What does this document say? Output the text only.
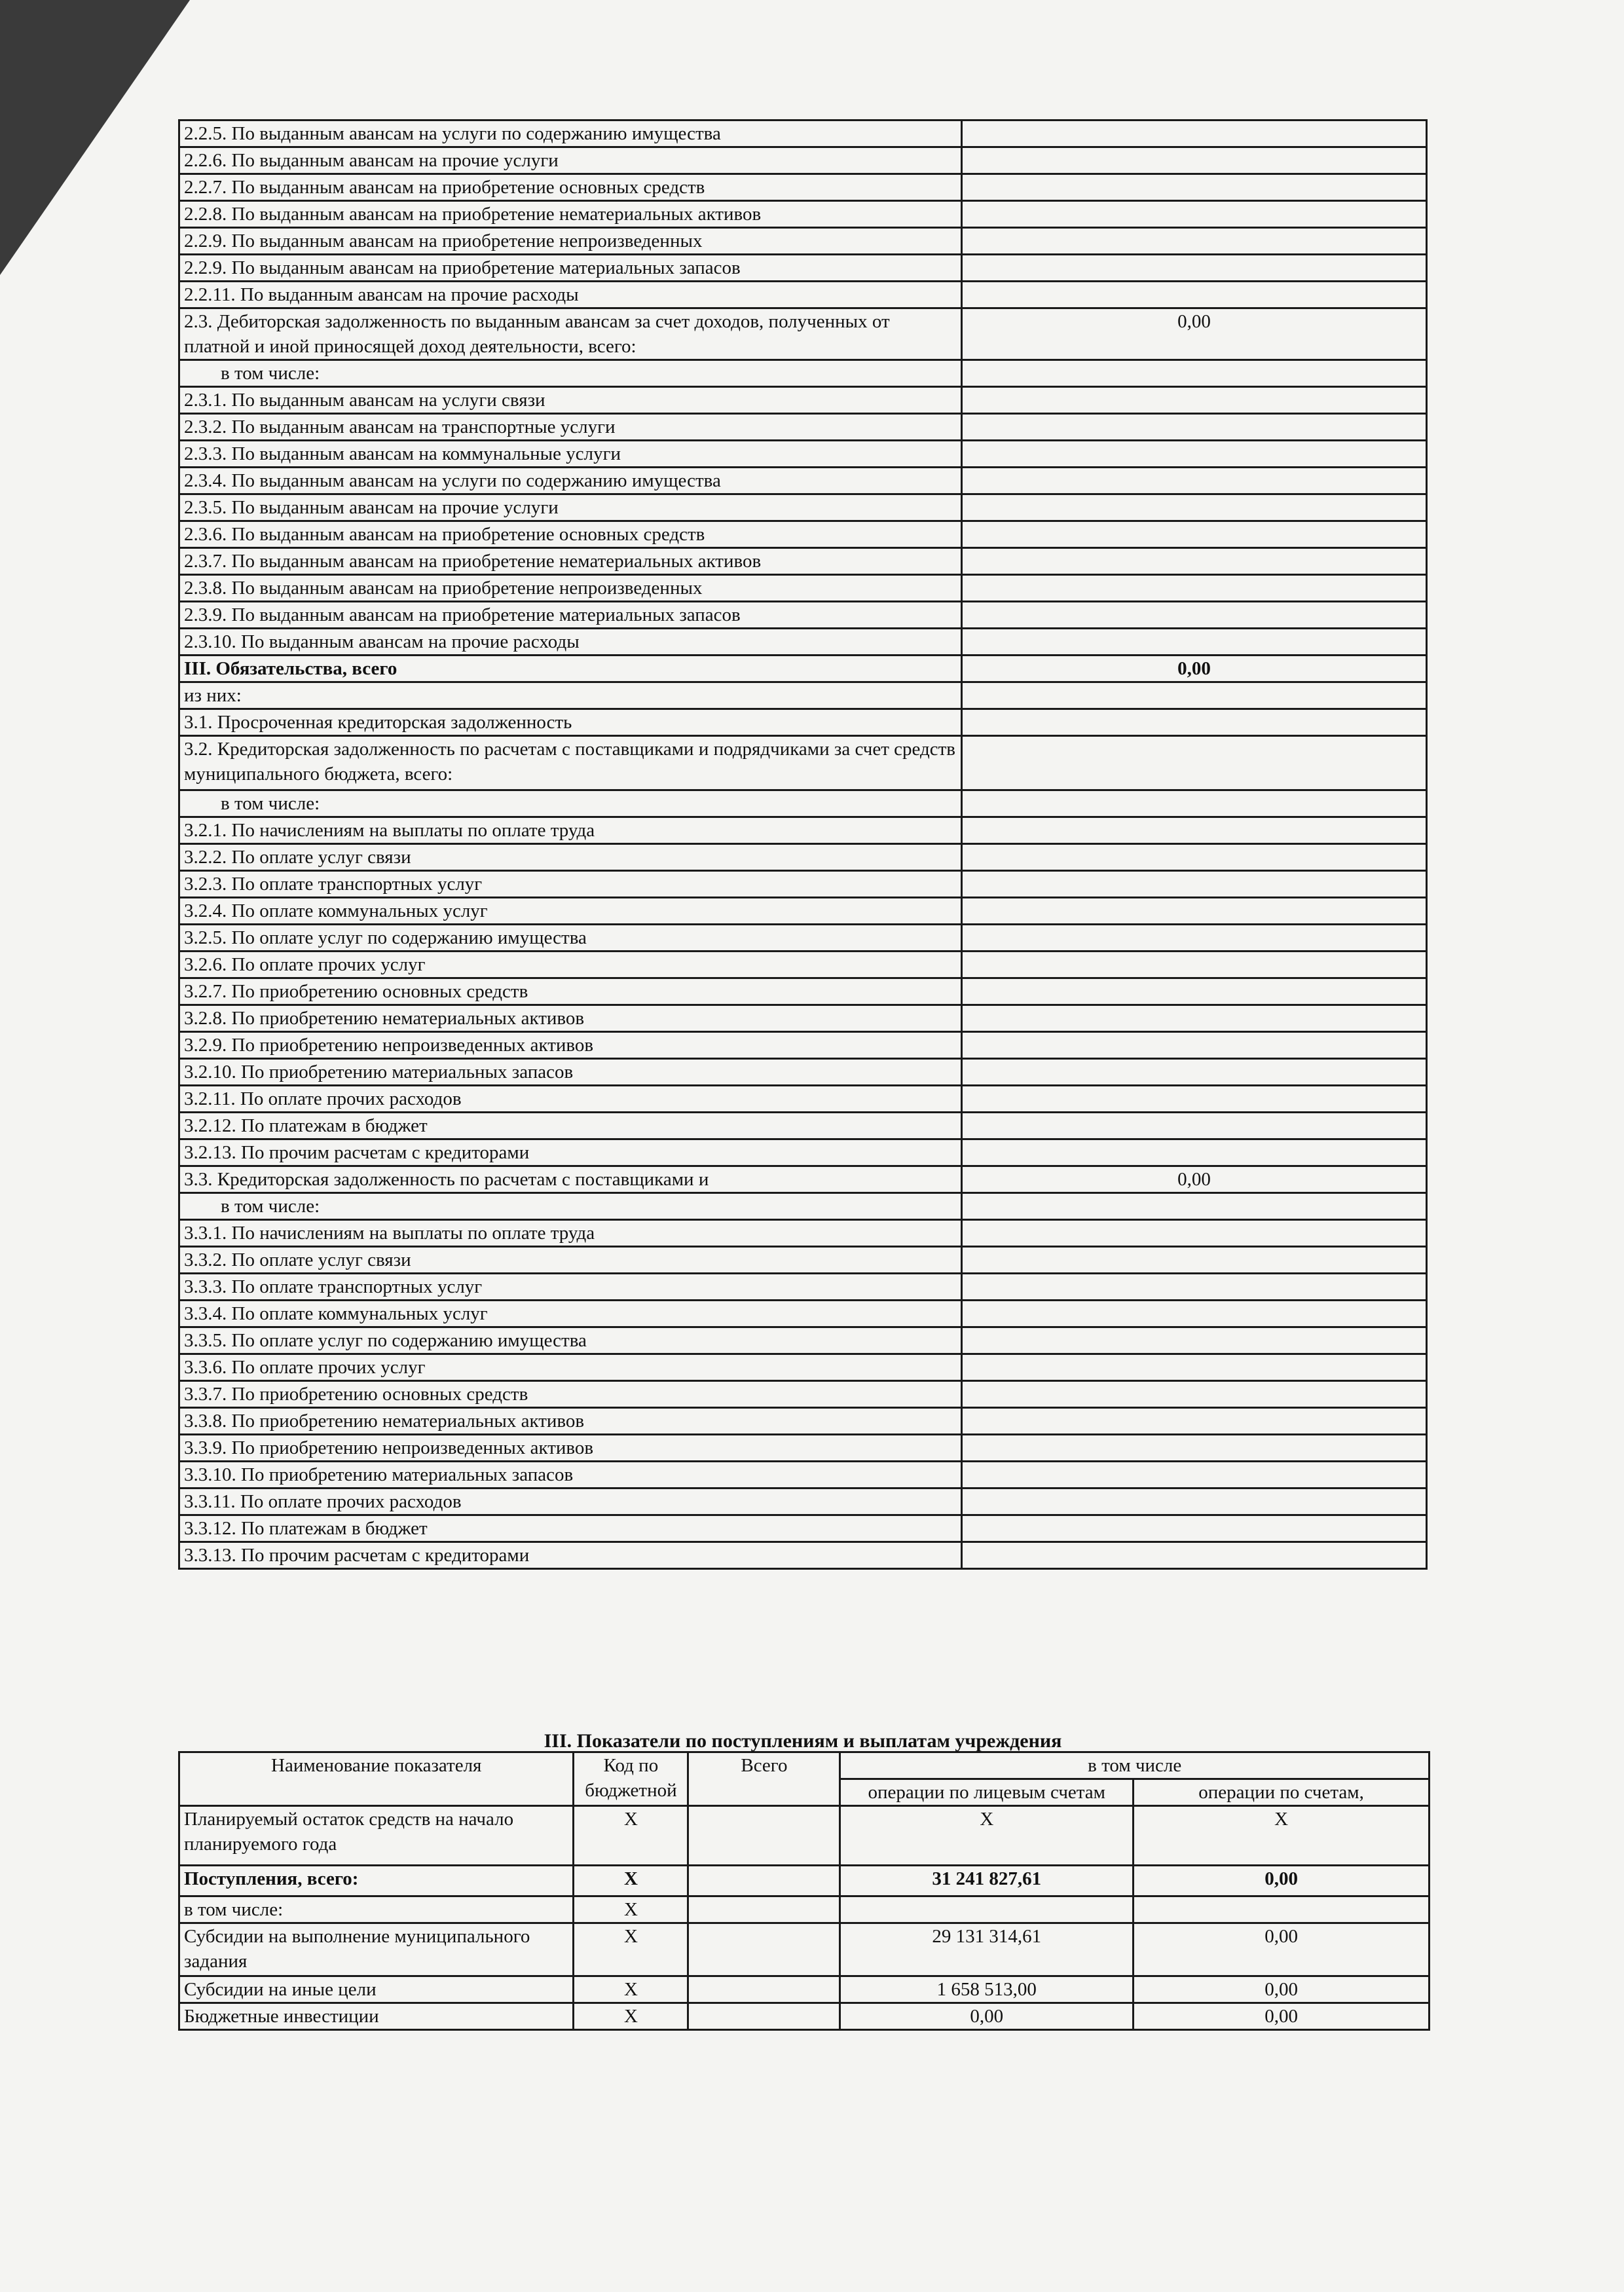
2.2.5. По выданным авансам на услуги по содержанию имущества	
2.2.6. По выданным авансам на прочие услуги	
2.2.7. По выданным авансам на приобретение основных средств	
2.2.8. По выданным авансам на приобретение нематериальных активов	
2.2.9. По выданным авансам на приобретение непроизведенных	
2.2.9. По выданным авансам на приобретение материальных запасов	
2.2.11. По выданным авансам на прочие расходы	
2.3. Дебиторская задолженность по выданным авансам за счет доходов, полученных от платной и иной приносящей доход деятельности, всего:	0,00
в том числе:	
2.3.1. По выданным авансам на услуги связи	
2.3.2. По выданным авансам на транспортные услуги	
2.3.3. По выданным авансам на коммунальные услуги	
2.3.4. По выданным авансам на услуги по содержанию имущества	
2.3.5. По выданным авансам на прочие услуги	
2.3.6. По выданным авансам на приобретение основных средств	
2.3.7. По выданным авансам на приобретение нематериальных активов	
2.3.8. По выданным авансам на приобретение непроизведенных	
2.3.9. По выданным авансам на приобретение материальных запасов	
2.3.10. По выданным авансам на прочие расходы	
III. Обязательства, всего	0,00
из них:	
3.1. Просроченная кредиторская задолженность	
3.2. Кредиторская задолженность по расчетам с поставщиками и подрядчиками за счет средств муниципального бюджета, всего:	
в том числе:	
3.2.1. По начислениям на выплаты по оплате труда	
3.2.2. По оплате услуг связи	
3.2.3. По оплате транспортных услуг	
3.2.4. По оплате коммунальных услуг	
3.2.5. По оплате услуг по содержанию имущества	
3.2.6. По оплате прочих услуг	
3.2.7. По приобретению основных средств	
3.2.8. По приобретению нематериальных активов	
3.2.9. По приобретению непроизведенных активов	
3.2.10. По приобретению материальных запасов	
3.2.11. По оплате прочих расходов	
3.2.12. По платежам в бюджет	
3.2.13. По прочим расчетам с кредиторами	
3.3. Кредиторская задолженность по расчетам с поставщиками и	0,00
в том числе:	
3.3.1. По начислениям на выплаты по оплате труда	
3.3.2. По оплате услуг связи	
3.3.3. По оплате транспортных услуг	
3.3.4. По оплате коммунальных услуг	
3.3.5. По оплате услуг по содержанию имущества	
3.3.6. По оплате прочих услуг	
3.3.7. По приобретению основных средств	
3.3.8. По приобретению нематериальных активов	
3.3.9. По приобретению непроизведенных активов	
3.3.10. По приобретению материальных запасов	
3.3.11. По оплате прочих расходов	
3.3.12. По платежам в бюджет	
3.3.13. По прочим расчетам с кредиторами	
III. Показатели по поступлениям и выплатам учреждения
Наименование показателя	Код по бюджетной	Всего	в том числе	
			операции по лицевым счетам	операции по счетам,
Планируемый остаток средств на начало планируемого года	X		X	X
Поступления, всего:	X		31 241 827,61	0,00
в том числе:	X			
Субсидии на выполнение муниципального задания	X		29 131 314,61	0,00
Субсидии на иные цели	X		1 658 513,00	0,00
Бюджетные инвестиции	X		0,00	0,00
